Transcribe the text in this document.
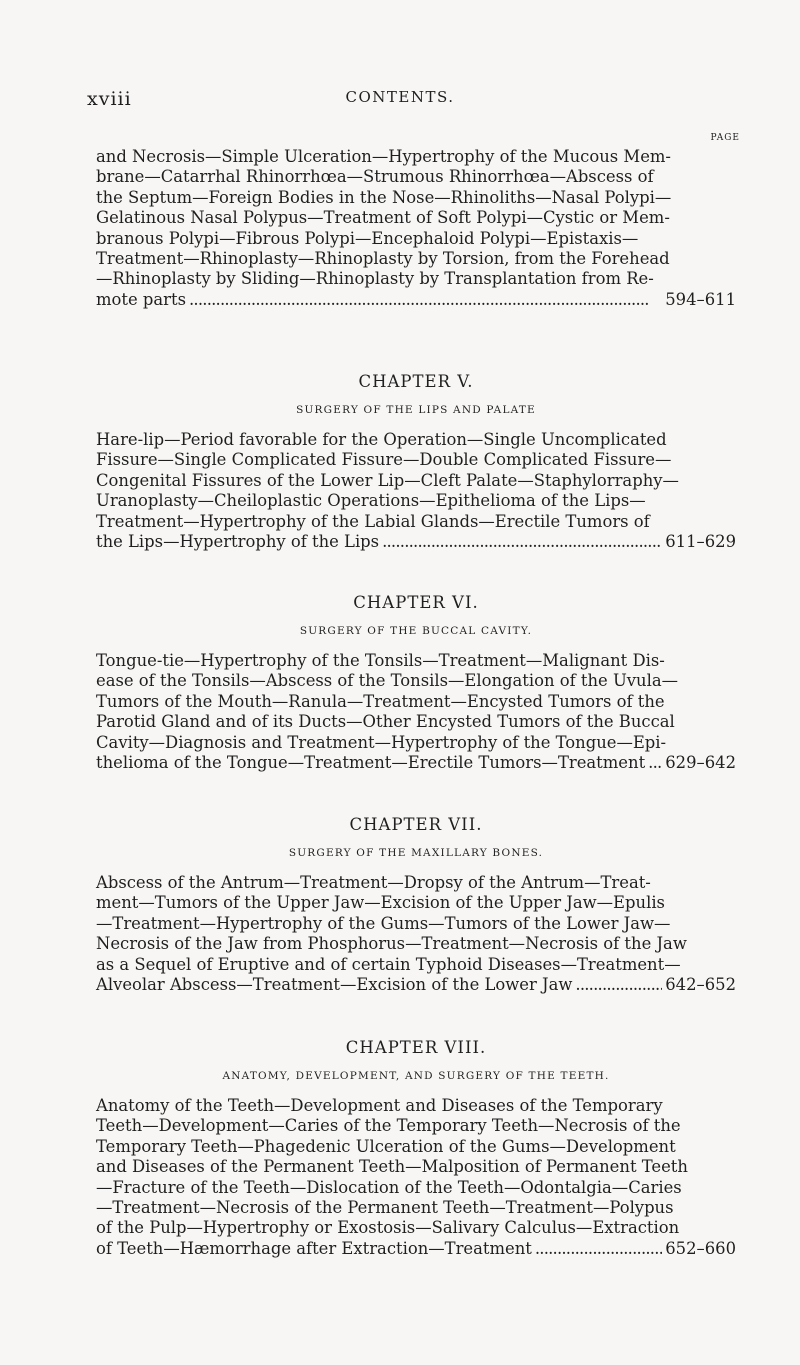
xviii	CONTENTS.
PAGE
and Necrosis—Simple Ulceration—Hypertrophy of the Mucous Mem-
brane—Catarrhal Rhinorrhœa—Strumous Rhinorrhœa—Abscess of
the Septum—Foreign Bodies in the Nose—Rhinoliths—Nasal Polypi—
Gelatinous Nasal Polypus—Treatment of Soft Polypi—Cystic or Mem-
branous Polypi—Fibrous Polypi—Encephaloid Polypi—Epistaxis—
Treatment—Rhinoplasty—Rhinoplasty by Torsion, from the Forehead
—Rhinoplasty by Sliding—Rhinoplasty by Transplantation from Re-
mote parts . . .	594–611
CHAPTER V.
SURGERY OF THE LIPS AND PALATE
Hare-lip—Period favorable for the Operation—Single Uncomplicated
Fissure—Single Complicated Fissure—Double Complicated Fissure—
Congenital Fissures of the Lower Lip—Cleft Palate—Staphylorraphy—
Uranoplasty—Cheiloplastic Operations—Epithelioma of the Lips—
Treatment—Hypertrophy of the Labial Glands—Erectile Tumors of
the Lips—Hypertrophy of the Lips . . .	611–629
CHAPTER VI.
SURGERY OF THE BUCCAL CAVITY.
Tongue-tie—Hypertrophy of the Tonsils—Treatment—Malignant Dis-
ease of the Tonsils—Abscess of the Tonsils—Elongation of the Uvula—
Tumors of the Mouth—Ranula—Treatment—Encysted Tumors of the
Parotid Gland and of its Ducts—Other Encysted Tumors of the Buccal
Cavity—Diagnosis and Treatment—Hypertrophy of the Tongue—Epi-
thelioma of the Tongue—Treatment—Erectile Tumors—Treatment . . . 629–642
CHAPTER VII.
SURGERY OF THE MAXILLARY BONES.
Abscess of the Antrum—Treatment—Dropsy of the Antrum—Treat-
ment—Tumors of the Upper Jaw—Excision of the Upper Jaw—Epulis
—Treatment—Hypertrophy of the Gums—Tumors of the Lower Jaw—
Necrosis of the Jaw from Phosphorus—Treatment—Necrosis of the Jaw
as a Sequel of Eruptive and of certain Typhoid Diseases—Treatment—
Alveolar Abscess—Treatment—Excision of the Lower Jaw . . .	642–652
CHAPTER VIII.
ANATOMY, DEVELOPMENT, AND SURGERY OF THE TEETH.
Anatomy of the Teeth—Development and Diseases of the Temporary
Teeth—Development—Caries of the Temporary Teeth—Necrosis of the
Temporary Teeth—Phagedenic Ulceration of the Gums—Development
and Diseases of the Permanent Teeth—Malposition of Permanent Teeth
—Fracture of the Teeth—Dislocation of the Teeth—Odontalgia—Caries
—Treatment—Necrosis of the Permanent Teeth—Treatment—Polypus
of the Pulp—Hypertrophy or Exostosis—Salivary Calculus—Extraction
of Teeth—Hæmorrhage after Extraction—Treatment . . .	652–660
